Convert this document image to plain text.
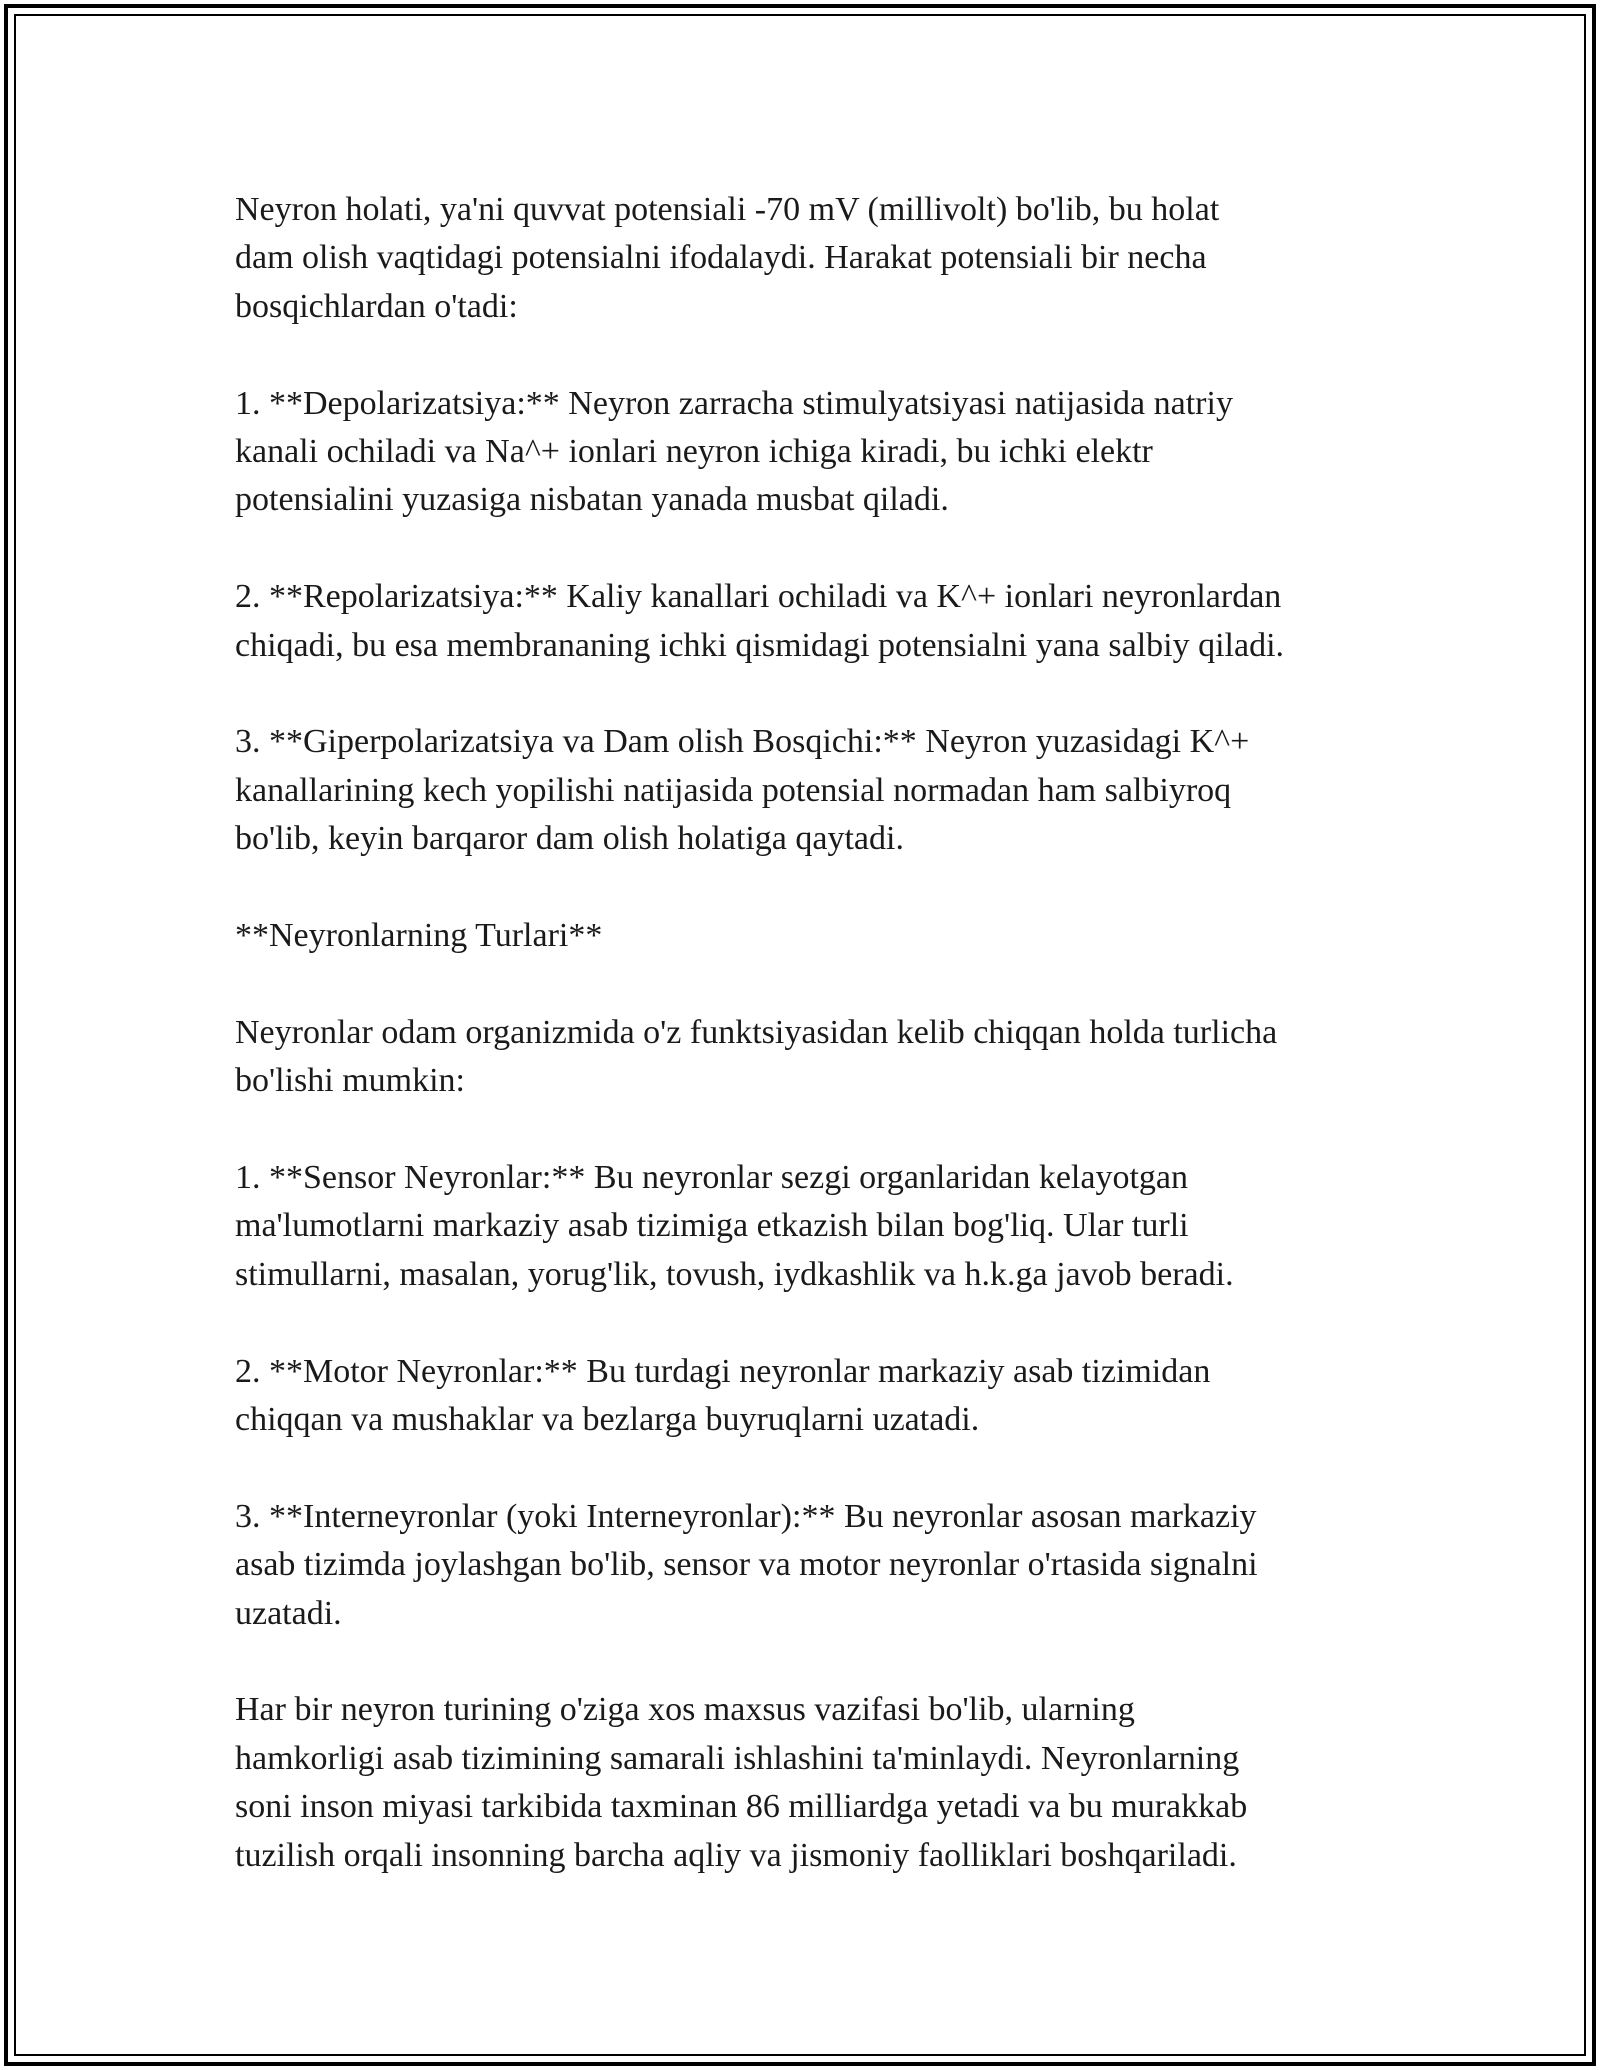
Neyron holati, ya'ni quvvat potensiali -70 mV (millivolt) bo'lib, bu holat
dam olish vaqtidagi potensialni ifodalaydi. Harakat potensiali bir necha
bosqichlardan o'tadi:

1. **Depolarizatsiya:** Neyron zarracha stimulyatsiyasi natijasida natriy
kanali ochiladi va Na^+ ionlari neyron ichiga kiradi, bu ichki elektr
potensialini yuzasiga nisbatan yanada musbat qiladi.

2. **Repolarizatsiya:** Kaliy kanallari ochiladi va K^+ ionlari neyronlardan
chiqadi, bu esa membrananing ichki qismidagi potensialni yana salbiy qiladi.

3. **Giperpolarizatsiya va Dam olish Bosqichi:** Neyron yuzasidagi K^+
kanallarining kech yopilishi natijasida potensial normadan ham salbiyroq
bo'lib, keyin barqaror dam olish holatiga qaytadi.

**Neyronlarning Turlari**

Neyronlar odam organizmida o'z funktsiyasidan kelib chiqqan holda turlicha
bo'lishi mumkin:

1. **Sensor Neyronlar:** Bu neyronlar sezgi organlaridan kelayotgan
ma'lumotlarni markaziy asab tizimiga etkazish bilan bog'liq. Ular turli
stimullarni, masalan, yorug'lik, tovush, iydkashlik va h.k.ga javob beradi.

2. **Motor Neyronlar:** Bu turdagi neyronlar markaziy asab tizimidan
chiqqan va mushaklar va bezlarga buyruqlarni uzatadi.

3. **Interneyronlar (yoki Interneyronlar):** Bu neyronlar asosan markaziy
asab tizimda joylashgan bo'lib, sensor va motor neyronlar o'rtasida signalni
uzatadi.

Har bir neyron turining o'ziga xos maxsus vazifasi bo'lib, ularning
hamkorligi asab tizimining samarali ishlashini ta'minlaydi. Neyronlarning
soni inson miyasi tarkibida taxminan 86 milliardga yetadi va bu murakkab
tuzilish orqali insonning barcha aqliy va jismoniy faolliklari boshqariladi.
